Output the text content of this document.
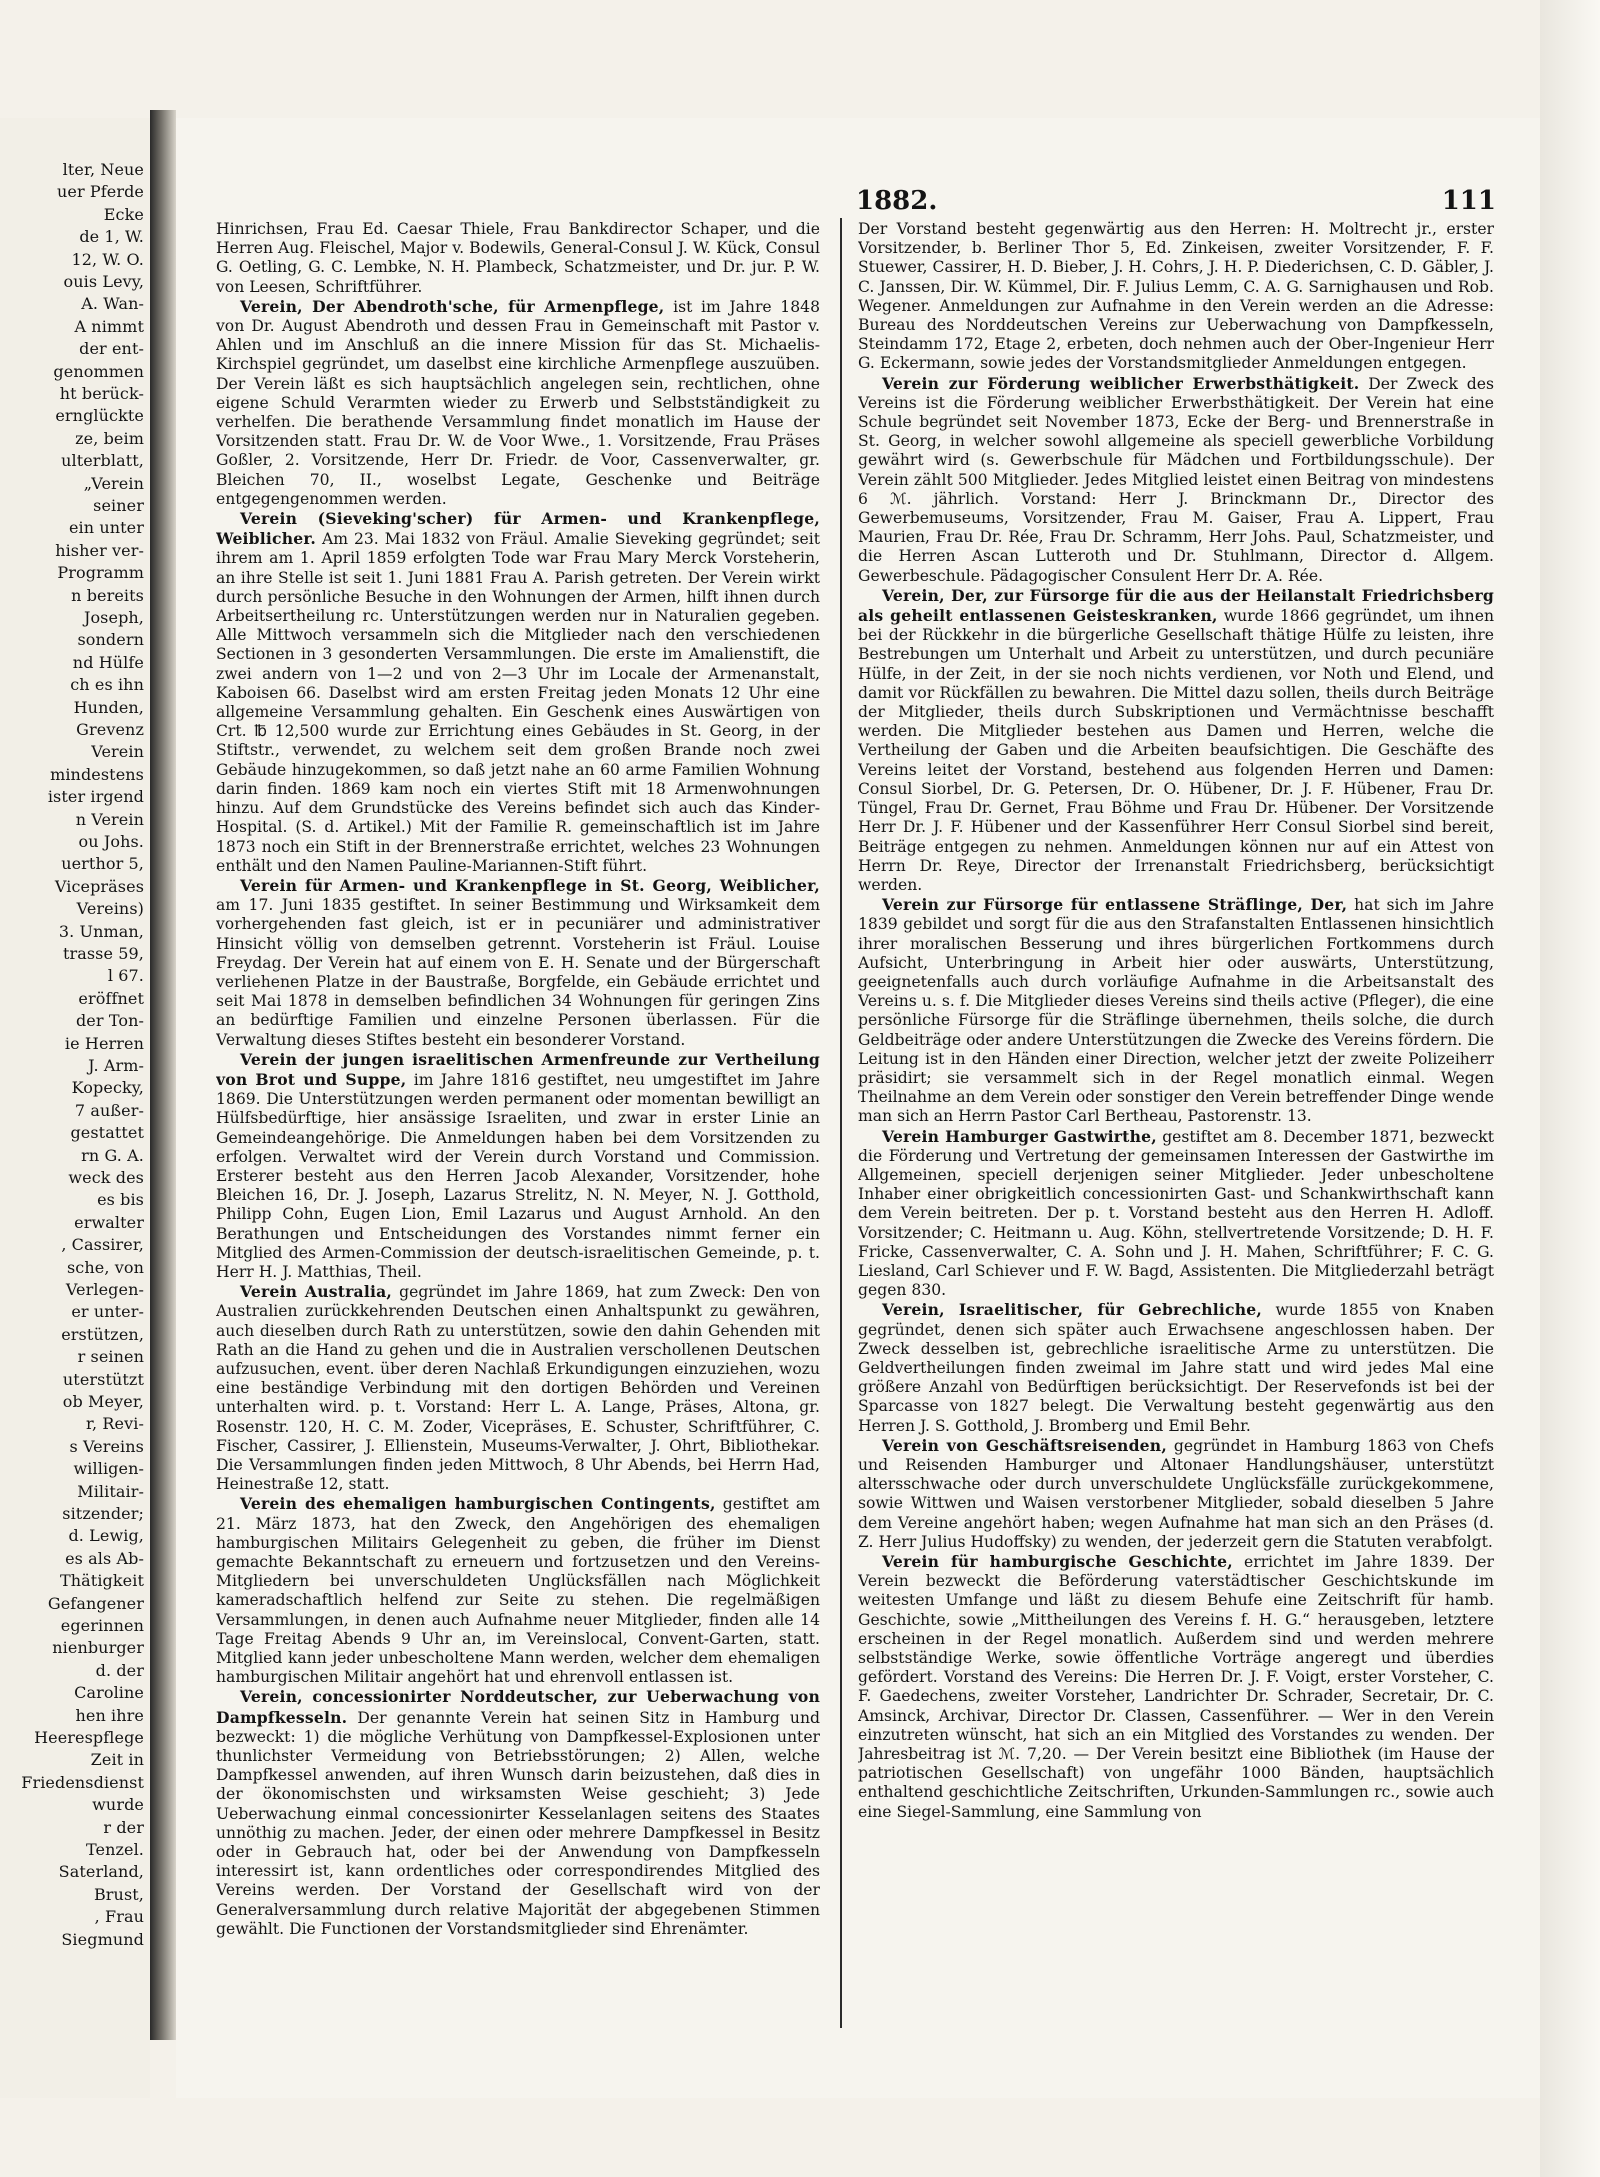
lter, Neue
uer Pferde
Ecke
de 1, W.
12, W. O.
ouis Levy,
A. Wan-
A nimmt
der ent-
genommen
ht berück-
ernglückte
ze, beim
ulterblatt,
„Verein
seiner
ein unter
hisher ver-
Programm
n bereits
Joseph,
sondern
nd Hülfe
ch es ihn
Hunden,
Grevenz
Verein
mindestens
ister irgend
n Verein
ou Johs.
uerthor 5,
Vicepräses
Vereins)
3. Unman,
trasse 59,
l 67.
eröffnet
der Ton-
ie Herren
J. Arm-
Kopecky,
7 außer-
gestattet
rn G. A.
weck des
es bis
erwalter
, Cassirer,
sche, von
Verlegen-
er unter-
erstützen,
r seinen
uterstützt
ob Meyer,
r, Revi-
s Vereins
willigen-
Militair-
sitzender;
d. Lewig,
es als Ab-
Thätigkeit
Gefangener
egerinnen
nienburger
d. der
Caroline
hen ihre
Heerespflege
Zeit in
Friedensdienst
wurde
r der
Tenzel.
Saterland,
Brust,
, Frau
Siegmund
1882.	111

Hinrichsen, Frau Ed. Caesar Thiele, Frau Bankdirector Schaper, und die Herren Aug. Fleischel, Major v. Bodewils, General-Consul J. W. Kück, Consul G. Oetling, G. C. Lembke, N. H. Plambeck, Schatzmeister, und Dr. jur. P. W. von Leesen, Schriftführer.

Verein, Der Abendroth'sche, für Armenpflege, ist im Jahre 1848 von Dr. August Abendroth und dessen Frau in Gemeinschaft mit Pastor v. Ahlen und im Anschluß an die innere Mission für das St. Michaelis-Kirchspiel gegründet, um daselbst eine kirchliche Armenpflege auszuüben. Der Verein läßt es sich hauptsächlich angelegen sein, rechtlichen, ohne eigene Schuld Verarmten wieder zu Erwerb und Selbstständigkeit zu verhelfen. Die berathende Versammlung findet monatlich im Hause der Vorsitzenden statt. Frau Dr. W. de Voor Wwe., 1. Vorsitzende, Frau Präses Goßler, 2. Vorsitzende, Herr Dr. Friedr. de Voor, Cassenverwalter, gr. Bleichen 70, II., woselbst Legate, Geschenke und Beiträge entgegengenommen werden.

Verein (Sieveking'scher) für Armen- und Krankenpflege, Weiblicher. Am 23. Mai 1832 von Fräul. Amalie Sieveking gegründet; seit ihrem am 1. April 1859 erfolgten Tode war Frau Mary Merck Vorsteherin, an ihre Stelle ist seit 1. Juni 1881 Frau A. Parish getreten. Der Verein wirkt durch persönliche Besuche in den Wohnungen der Armen, hilft ihnen durch Arbeitsertheilung rc. Unterstützungen werden nur in Naturalien gegeben. Alle Mittwoch versammeln sich die Mitglieder nach den verschiedenen Sectionen in 3 gesonderten Versammlungen. Die erste im Amalienstift, die zwei andern von 1—2 und von 2—3 Uhr im Locale der Armenanstalt, Kaboisen 66. Daselbst wird am ersten Freitag jeden Monats 12 Uhr eine allgemeine Versammlung gehalten. Ein Geschenk eines Auswärtigen von Crt. ℔ 12,500 wurde zur Errichtung eines Gebäudes in St. Georg, in der Stiftstr., verwendet, zu welchem seit dem großen Brande noch zwei Gebäude hinzugekommen, so daß jetzt nahe an 60 arme Familien Wohnung darin finden. 1869 kam noch ein viertes Stift mit 18 Armenwohnungen hinzu. Auf dem Grundstücke des Vereins befindet sich auch das Kinder-Hospital. (S. d. Artikel.) Mit der Familie R. gemeinschaftlich ist im Jahre 1873 noch ein Stift in der Brennerstraße errichtet, welches 23 Wohnungen enthält und den Namen Pauline-Mariannen-Stift führt.

Verein für Armen- und Krankenpflege in St. Georg, Weiblicher, am 17. Juni 1835 gestiftet. In seiner Bestimmung und Wirksamkeit dem vorhergehenden fast gleich, ist er in pecuniärer und administrativer Hinsicht völlig von demselben getrennt. Vorsteherin ist Fräul. Louise Freydag. Der Verein hat auf einem von E. H. Senate und der Bürgerschaft verliehenen Platze in der Baustraße, Borgfelde, ein Gebäude errichtet und seit Mai 1878 in demselben befindlichen 34 Wohnungen für geringen Zins an bedürftige Familien und einzelne Personen überlassen. Für die Verwaltung dieses Stiftes besteht ein besonderer Vorstand.

Verein der jungen israelitischen Armenfreunde zur Vertheilung von Brot und Suppe, im Jahre 1816 gestiftet, neu umgestiftet im Jahre 1869. Die Unterstützungen werden permanent oder momentan bewilligt an Hülfsbedürftige, hier ansässige Israeliten, und zwar in erster Linie an Gemeindeangehörige. Die Anmeldungen haben bei dem Vorsitzenden zu erfolgen. Verwaltet wird der Verein durch Vorstand und Commission. Ersterer besteht aus den Herren Jacob Alexander, Vorsitzender, hohe Bleichen 16, Dr. J. Joseph, Lazarus Strelitz, N. N. Meyer, N. J. Gotthold, Philipp Cohn, Eugen Lion, Emil Lazarus und August Arnhold. An den Berathungen und Entscheidungen des Vorstandes nimmt ferner ein Mitglied des Armen-Commission der deutsch-israelitischen Gemeinde, p. t. Herr H. J. Matthias, Theil.

Verein Australia, gegründet im Jahre 1869, hat zum Zweck: Den von Australien zurückkehrenden Deutschen einen Anhaltspunkt zu gewähren, auch dieselben durch Rath zu unterstützen, sowie den dahin Gehenden mit Rath an die Hand zu gehen und die in Australien verschollenen Deutschen aufzusuchen, event. über deren Nachlaß Erkundigungen einzuziehen, wozu eine beständige Verbindung mit den dortigen Behörden und Vereinen unterhalten wird. p. t. Vorstand: Herr L. A. Lange, Präses, Altona, gr. Rosenstr. 120, H. C. M. Zoder, Vicepräses, E. Schuster, Schriftführer, C. Fischer, Cassirer, J. Ellienstein, Museums-Verwalter, J. Ohrt, Bibliothekar. Die Versammlungen finden jeden Mittwoch, 8 Uhr Abends, bei Herrn Had, Heinestraße 12, statt.

Verein des ehemaligen hamburgischen Contingents, gestiftet am 21. März 1873, hat den Zweck, den Angehörigen des ehemaligen hamburgischen Militairs Gelegenheit zu geben, die früher im Dienst gemachte Bekanntschaft zu erneuern und fortzusetzen und den Vereins-Mitgliedern bei unverschuldeten Unglücksfällen nach Möglichkeit kameradschaftlich helfend zur Seite zu stehen. Die regelmäßigen Versammlungen, in denen auch Aufnahme neuer Mitglieder, finden alle 14 Tage Freitag Abends 9 Uhr an, im Vereinslocal, Convent-Garten, statt. Mitglied kann jeder unbescholtene Mann werden, welcher dem ehemaligen hamburgischen Militair angehört hat und ehrenvoll entlassen ist.

Verein, concessionirter Norddeutscher, zur Ueberwachung von Dampfkesseln. Der genannte Verein hat seinen Sitz in Hamburg und bezweckt: 1) die mögliche Verhütung von Dampfkessel-Explosionen unter thunlichster Vermeidung von Betriebsstörungen; 2) Allen, welche Dampfkessel anwenden, auf ihren Wunsch darin beizustehen, daß dies in der ökonomischsten und wirksamsten Weise geschieht; 3) Jede Ueberwachung einmal concessionirter Kesselanlagen seitens des Staates unnöthig zu machen. Jeder, der einen oder mehrere Dampfkessel in Besitz oder in Gebrauch hat, oder bei der Anwendung von Dampfkesseln interessirt ist, kann ordentliches oder correspondirendes Mitglied des Vereins werden. Der Vorstand der Gesellschaft wird von der Generalversammlung durch relative Majorität der abgegebenen Stimmen gewählt. Die Functionen der Vorstandsmitglieder sind Ehrenämter.

Der Vorstand besteht gegenwärtig aus den Herren: H. Moltrecht jr., erster Vorsitzender, b. Berliner Thor 5, Ed. Zinkeisen, zweiter Vorsitzender, F. F. Stuewer, Cassirer, H. D. Bieber, J. H. Cohrs, J. H. P. Diederichsen, C. D. Gäbler, J. C. Janssen, Dir. W. Kümmel, Dir. F. Julius Lemm, C. A. G. Sarnighausen und Rob. Wegener. Anmeldungen zur Aufnahme in den Verein werden an die Adresse: Bureau des Norddeutschen Vereins zur Ueberwachung von Dampfkesseln, Steindamm 172, Etage 2, erbeten, doch nehmen auch der Ober-Ingenieur Herr G. Eckermann, sowie jedes der Vorstandsmitglieder Anmeldungen entgegen.

Verein zur Förderung weiblicher Erwerbsthätigkeit. Der Zweck des Vereins ist die Förderung weiblicher Erwerbsthätigkeit. Der Verein hat eine Schule begründet seit November 1873, Ecke der Berg- und Brennerstraße in St. Georg, in welcher sowohl allgemeine als speciell gewerbliche Vorbildung gewährt wird (s. Gewerbschule für Mädchen und Fortbildungsschule). Der Verein zählt 500 Mitglieder. Jedes Mitglied leistet einen Beitrag von mindestens 6 ℳ. jährlich. Vorstand: Herr J. Brinckmann Dr., Director des Gewerbemuseums, Vorsitzender, Frau M. Gaiser, Frau A. Lippert, Frau Maurien, Frau Dr. Rée, Frau Dr. Schramm, Herr Johs. Paul, Schatzmeister, und die Herren Ascan Lutteroth und Dr. Stuhlmann, Director d. Allgem. Gewerbeschule. Pädagogischer Consulent Herr Dr. A. Rée.

Verein, Der, zur Fürsorge für die aus der Heilanstalt Friedrichsberg als geheilt entlassenen Geisteskranken, wurde 1866 gegründet, um ihnen bei der Rückkehr in die bürgerliche Gesellschaft thätige Hülfe zu leisten, ihre Bestrebungen um Unterhalt und Arbeit zu unterstützen, und durch pecuniäre Hülfe, in der Zeit, in der sie noch nichts verdienen, vor Noth und Elend, und damit vor Rückfällen zu bewahren. Die Mittel dazu sollen, theils durch Beiträge der Mitglieder, theils durch Subskriptionen und Vermächtnisse beschafft werden. Die Mitglieder bestehen aus Damen und Herren, welche die Vertheilung der Gaben und die Arbeiten beaufsichtigen. Die Geschäfte des Vereins leitet der Vorstand, bestehend aus folgenden Herren und Damen: Consul Siorbel, Dr. G. Petersen, Dr. O. Hübener, Dr. J. F. Hübener, Frau Dr. Tüngel, Frau Dr. Gernet, Frau Böhme und Frau Dr. Hübener. Der Vorsitzende Herr Dr. J. F. Hübener und der Kassenführer Herr Consul Siorbel sind bereit, Beiträge entgegen zu nehmen. Anmeldungen können nur auf ein Attest von Herrn Dr. Reye, Director der Irrenanstalt Friedrichsberg, berücksichtigt werden.

Verein zur Fürsorge für entlassene Sträflinge, Der, hat sich im Jahre 1839 gebildet und sorgt für die aus den Strafanstalten Entlassenen hinsichtlich ihrer moralischen Besserung und ihres bürgerlichen Fortkommens durch Aufsicht, Unterbringung in Arbeit hier oder auswärts, Unterstützung, geeignetenfalls auch durch vorläufige Aufnahme in die Arbeitsanstalt des Vereins u. s. f. Die Mitglieder dieses Vereins sind theils active (Pfleger), die eine persönliche Fürsorge für die Sträflinge übernehmen, theils solche, die durch Geldbeiträge oder andere Unterstützungen die Zwecke des Vereins fördern. Die Leitung ist in den Händen einer Direction, welcher jetzt der zweite Polizeiherr präsidirt; sie versammelt sich in der Regel monatlich einmal. Wegen Theilnahme an dem Verein oder sonstiger den Verein betreffender Dinge wende man sich an Herrn Pastor Carl Bertheau, Pastorenstr. 13.

Verein Hamburger Gastwirthe, gestiftet am 8. December 1871, bezweckt die Förderung und Vertretung der gemeinsamen Interessen der Gastwirthe im Allgemeinen, speciell derjenigen seiner Mitglieder. Jeder unbescholtene Inhaber einer obrigkeitlich concessionirten Gast- und Schankwirthschaft kann dem Verein beitreten. Der p. t. Vorstand besteht aus den Herren H. Adloff. Vorsitzender; C. Heitmann u. Aug. Köhn, stellvertretende Vorsitzende; D. H. F. Fricke, Cassenverwalter, C. A. Sohn und J. H. Mahen, Schriftführer; F. C. G. Liesland, Carl Schiever und F. W. Bagd, Assistenten. Die Mitgliederzahl beträgt gegen 830.

Verein, Israelitischer, für Gebrechliche, wurde 1855 von Knaben gegründet, denen sich später auch Erwachsene angeschlossen haben. Der Zweck desselben ist, gebrechliche israelitische Arme zu unterstützen. Die Geldvertheilungen finden zweimal im Jahre statt und wird jedes Mal eine größere Anzahl von Bedürftigen berücksichtigt. Der Reservefonds ist bei der Sparcasse von 1827 belegt. Die Verwaltung besteht gegenwärtig aus den Herren J. S. Gotthold, J. Bromberg und Emil Behr.

Verein von Geschäftsreisenden, gegründet in Hamburg 1863 von Chefs und Reisenden Hamburger und Altonaer Handlungshäuser, unterstützt altersschwache oder durch unverschuldete Unglücksfälle zurückgekommene, sowie Wittwen und Waisen verstorbener Mitglieder, sobald dieselben 5 Jahre dem Vereine angehört haben; wegen Aufnahme hat man sich an den Präses (d. Z. Herr Julius Hudoffsky) zu wenden, der jederzeit gern die Statuten verabfolgt.

Verein für hamburgische Geschichte, errichtet im Jahre 1839. Der Verein bezweckt die Beförderung vaterstädtischer Geschichtskunde im weitesten Umfange und läßt zu diesem Behufe eine Zeitschrift für hamb. Geschichte, sowie „Mittheilungen des Vereins f. H. G.“ herausgeben, letztere erscheinen in der Regel monatlich. Außerdem sind und werden mehrere selbstständige Werke, sowie öffentliche Vorträge angeregt und überdies gefördert. Vorstand des Vereins: Die Herren Dr. J. F. Voigt, erster Vorsteher, C. F. Gaedechens, zweiter Vorsteher, Landrichter Dr. Schrader, Secretair, Dr. C. Amsinck, Archivar, Director Dr. Classen, Cassenführer. — Wer in den Verein einzutreten wünscht, hat sich an ein Mitglied des Vorstandes zu wenden. Der Jahresbeitrag ist ℳ. 7,20. — Der Verein besitzt eine Bibliothek (im Hause der patriotischen Gesellschaft) von ungefähr 1000 Bänden, hauptsächlich enthaltend geschichtliche Zeitschriften, Urkunden-Sammlungen rc., sowie auch eine Siegel-Sammlung, eine Sammlung von
